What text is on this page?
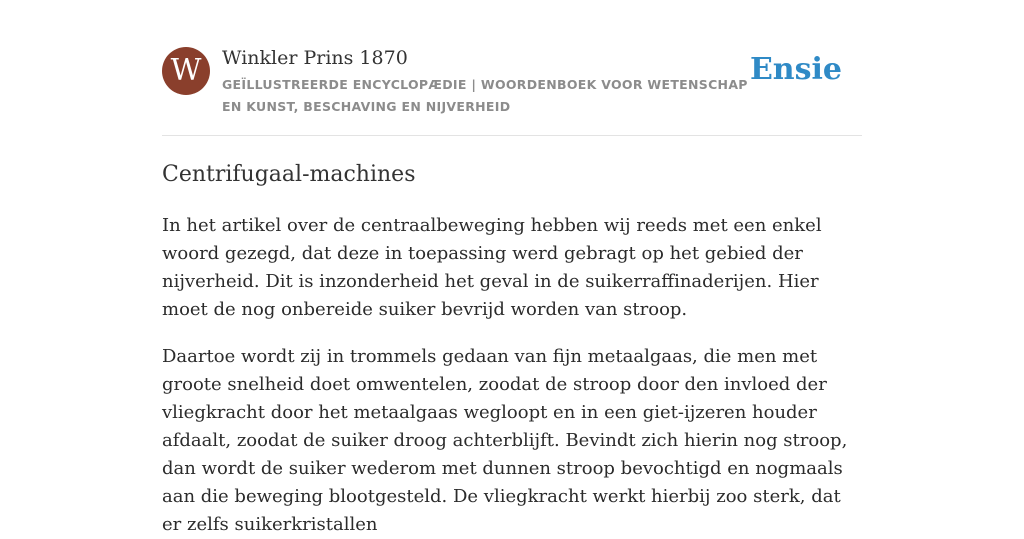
W	Winkler Prins 1870
GEÏLLUSTREERDE ENCYCLOPÆDIE | WOORDENBOEK VOOR WETENSCHAP EN KUNST, BESCHAVING EN NIJVERHEID
Ensie
Centrifugaal-machines

In het artikel over de centraalbeweging hebben wij reeds met een enkel woord gezegd, dat deze in toepassing werd gebragt op het gebied der nijverheid. Dit is inzonderheid het geval in de suikerraffinaderijen. Hier moet de nog onbereide suiker bevrijd worden van stroop.

Daartoe wordt zij in trommels gedaan van fijn metaalgaas, die men met groote snelheid doet omwentelen, zoodat de stroop door den invloed der vliegkracht door het metaalgaas wegloopt en in een giet-ijzeren houder afdaalt, zoodat de suiker droog achterblijft. Bevindt zich hierin nog stroop, dan wordt de suiker wederom met dunnen stroop bevochtigd en nogmaals aan die beweging blootgesteld. De vliegkracht werkt hierbij zoo sterk, dat er zelfs suikerkristallen
